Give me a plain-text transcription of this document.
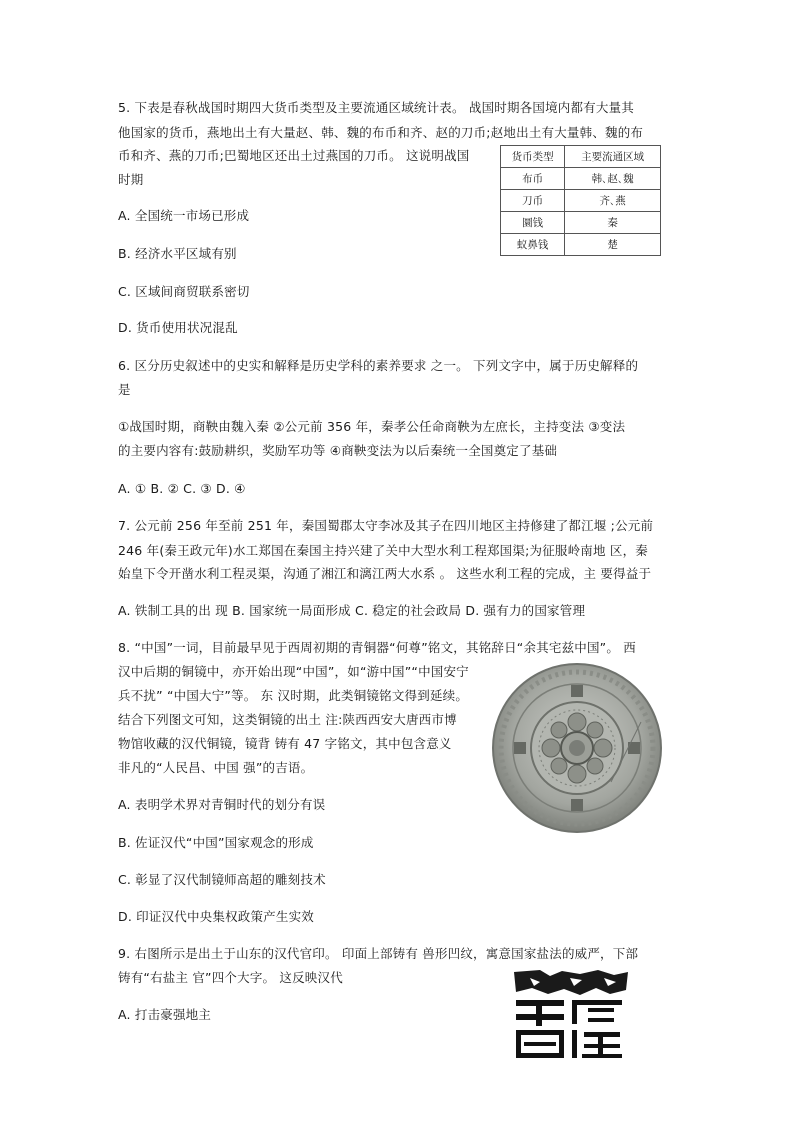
5. 下表是春秋战国时期四大货币类型及主要流通区域统计表。 战国时期各国境内都有大量其
他国家的货币，燕地出土有大量赵、韩、魏的布币和齐、赵的刀币;赵地出土有大量韩、魏的布
币和齐、燕的刀币;巴蜀地区还出土过燕国的刀币。 这说明战国
时期
货币类型	主要流通区域
布币	韩､赵､魏
刀币	齐､燕
圜钱	秦
蚁鼻钱	楚
A. 全国统一市场已形成
B. 经济水平区域有别
C. 区域间商贸联系密切
D. 货币使用状况混乱
6. 区分历史叙述中的史实和解释是历史学科的素养要求 之一。 下列文字中，属于历史解释的
是
①战国时期，商鞅由魏入秦 ②公元前 356 年，秦孝公任命商鞅为左庶长，主持变法 ③变法
的主要内容有:鼓励耕织，奖励军功等 ④商鞅变法为以后秦统一全国奠定了基础
A. ① B. ② C. ③ D. ④
7. 公元前 256 年至前 251 年，秦国蜀郡太守李冰及其子在四川地区主持修建了都江堰 ;公元前
246 年(秦王政元年)水工郑国在秦国主持兴建了关中大型水利工程郑国渠;为征服岭南地 区，秦
始皇下令开凿水利工程灵渠，沟通了湘江和漓江两大水系 。 这些水利工程的完成，主 要得益于
A. 铁制工具的出 现 B. 国家统一局面形成 C. 稳定的社会政局 D. 强有力的国家管理
8. “中国”一词，目前最早见于西周初期的青铜器“何尊”铭文，其铭辞日“余其宅兹中国”。 西
汉中后期的铜镜中，亦开始出现“中国”，如“游中国”“中国安宁
兵不扰” “中国大宁”等。 东 汉时期，此类铜镜铭文得到延续。
结合下列图文可知，这类铜镜的出土 注:陕西西安大唐西市博
物馆收藏的汉代铜镜，镜背 铸有 47 字铭文，其中包含意义
非凡的“人民昌、中国 强”的吉语。
A. 表明学术界对青铜时代的划分有误
B. 佐证汉代“中国”国家观念的形成
C. 彰显了汉代制镜师高超的雕刻技术
D. 印证汉代中央集权政策产生实效
9. 右图所示是出土于山东的汉代官印。 印面上部铸有 兽形凹纹，寓意国家盐法的威严，下部
铸有“右盐主 官”四个大字。 这反映汉代
A. 打击豪强地主
